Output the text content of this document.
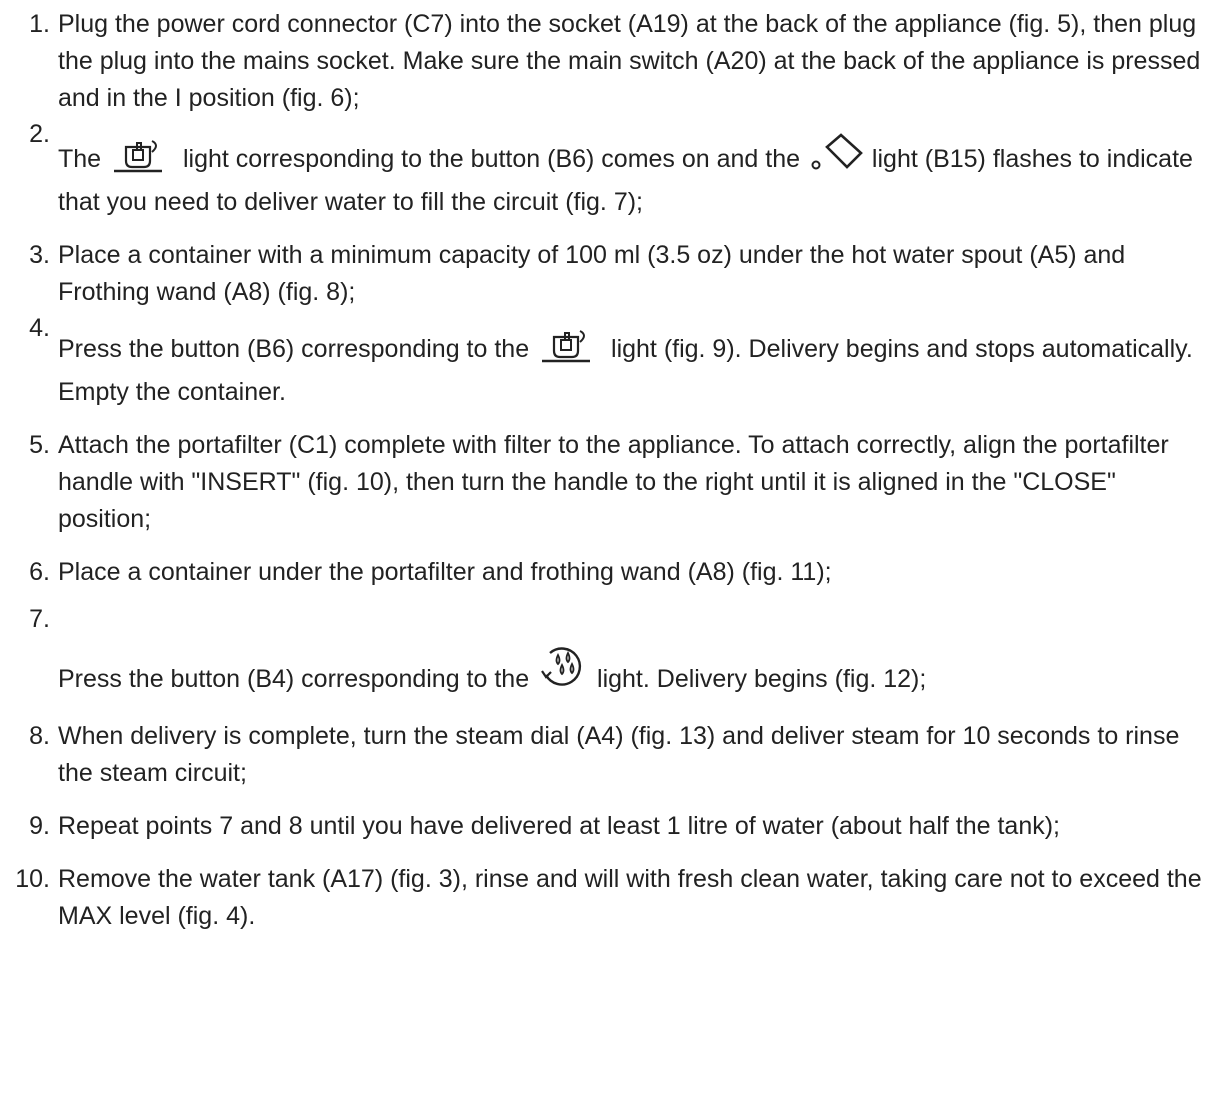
1. Plug the power cord connector (C7) into the socket (A19) at the back of the appliance (fig. 5), then plug the plug into the mains socket. Make sure the main switch (A20) at the back of the appliance is pressed and in the I position (fig. 6);
2.
The	light corresponding to the button (B6) comes on and the  light (B15) flashes to indicate that you need to deliver water to fill the circuit (fig. 7);
3. Place a container with a minimum capacity of 100 ml (3.5 oz) under the hot water spout (A5) and Frothing wand (A8) (fig. 8);
4.
Press the button (B6) corresponding to the	light (fig. 9). Delivery begins and stops automatically. Empty the container.
5. Attach the portafilter (C1) complete with filter to the appliance. To attach correctly, align the portafilter handle with "INSERT" (fig. 10), then turn the handle to the right until it is aligned in the "CLOSE" position;
6. Place a container under the portafilter and frothing wand (A8) (fig. 11);
7.
Press the button (B4) corresponding to the  light. Delivery begins (fig. 12);
8. When delivery is complete, turn the steam dial (A4) (fig. 13) and deliver steam for 10 seconds to rinse the steam circuit;
9. Repeat points 7 and 8 until you have delivered at least 1 litre of water (about half the tank);
10. Remove the water tank (A17) (fig. 3), rinse and will with fresh clean water, taking care not to exceed the MAX level (fig. 4).
